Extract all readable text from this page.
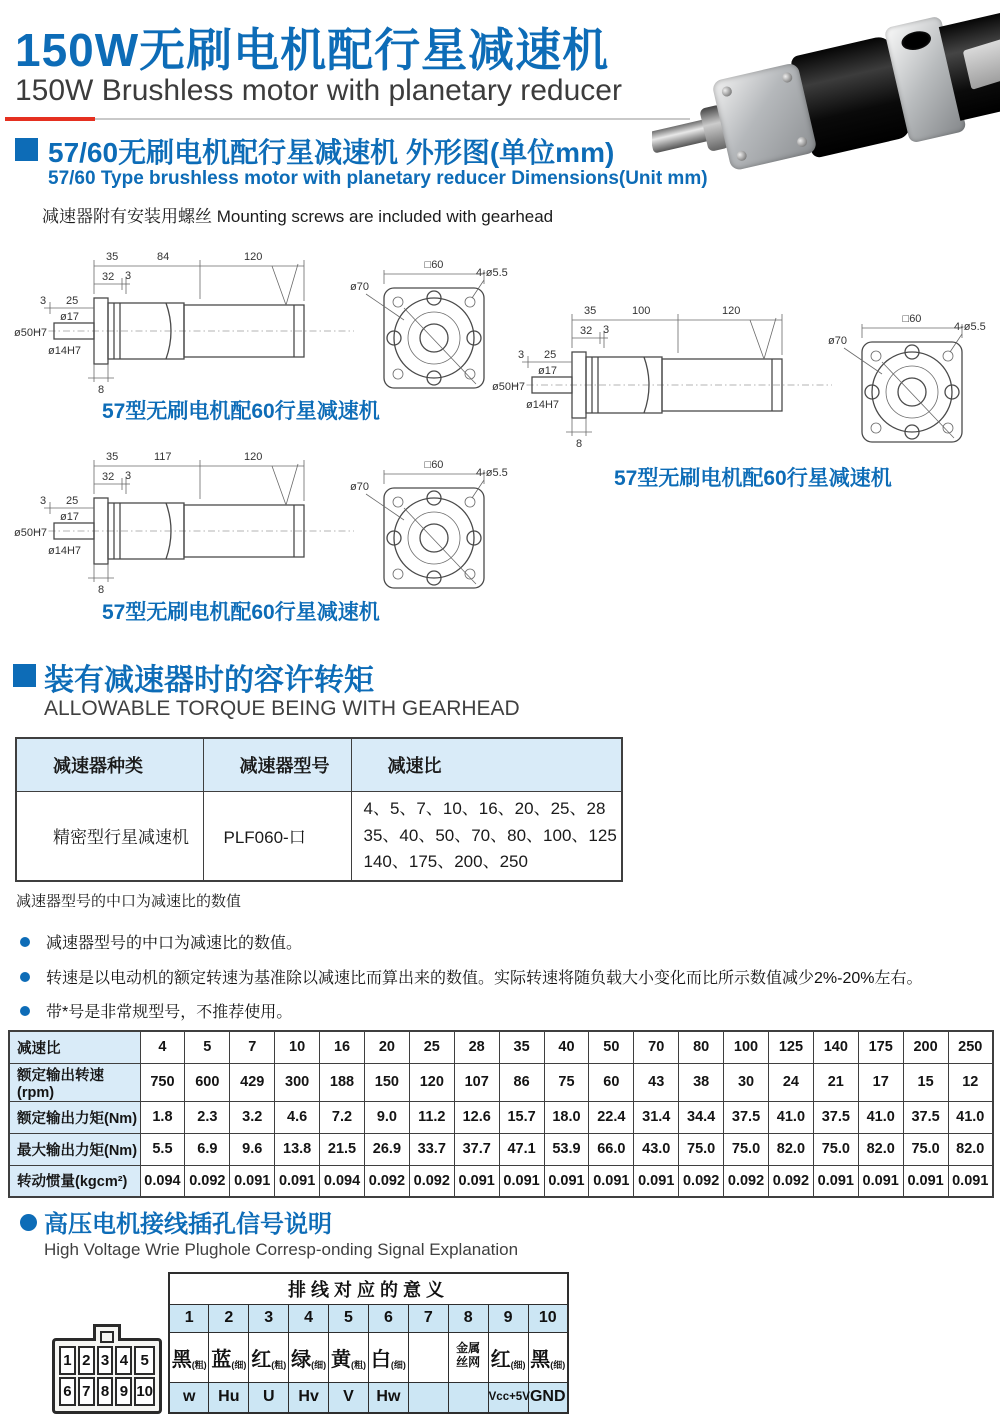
150W无刷电机配行星减速机
150W Brushless motor with planetary reducer
57/60无刷电机配行星减速机 外形图(单位mm)
57/60 Type brushless motor with planetary reducer Dimensions(Unit mm)
减速器附有安装用螺丝 Mounting screws are included with gearhead
35	84	120
32 3
3 25
ø50H7
ø17
ø14H7
8
□60
ø70
4-ø5.5
57型无刷电机配60行星减速机
35	100	120
32 3
3 25
ø50H7
ø17
ø14H7
8
□60
ø70
4-ø5.5
57型无刷电机配60行星减速机
35	117	120
32 3
3 25
ø50H7
ø17
ø14H7
8
□60
ø70
4-ø5.5
57型无刷电机配60行星减速机
装有减速器时的容许转矩
ALLOWABLE TORQUE BEING WITH GEARHEAD
减速器种类	减速器型号	减速比
精密型行星减速机	PLF060-口	4、5、7、10、16、20、25、28
35、40、50、70、80、100、125
140、175、200、250
减速器型号的中口为减速比的数值
减速器型号的中口为减速比的数值。
转速是以电动机的额定转速为基准除以减速比而算出来的数值。实际转速将随负载大小变化而比所示数值减少2%-20%左右。
带*号是非常规型号，不推荐使用。
减速比	4	5	7	10	16	20	25	28	35	40	50	70	80	100	125	140	175	200	250
额定输出转速(rpm)	750	600	429	300	188	150	120	107	86	75	60	43	38	30	24	21	17	15	12
额定输出力矩(Nm)	1.8	2.3	3.2	4.6	7.2	9.0	11.2	12.6	15.7	18.0	22.4	31.4	34.4	37.5	41.0	37.5	41.0	37.5	41.0
最大输出力矩(Nm)	5.5	6.9	9.6	13.8	21.5	26.9	33.7	37.7	47.1	53.9	66.0	43.0	75.0	75.0	82.0	75.0	82.0	75.0	82.0
转动惯量(kgcm²)	0.094	0.092	0.091	0.091	0.094	0.092	0.092	0.091	0.091	0.091	0.091	0.091	0.092	0.092	0.092	0.091	0.091	0.091	0.091
高压电机接线插孔信号说明
High Voltage Wrie Plughole Corresp-onding Signal Explanation
1 2 3 4 5
6 7 8 9 10
排线对应的意义									
1	2	3	4	5	6	7	8	9	10
黑$_{(粗)}$	蓝$_{(细)}$	红$_{(粗)}$	绿$_{(细)}$	黄$_{(粗)}$	白$_{(细)}$		金属丝网	红$_{(细)}$	黑$_{(细)}$
w	Hu	U	Hv	V	Hw			Vcc+5V	GND
